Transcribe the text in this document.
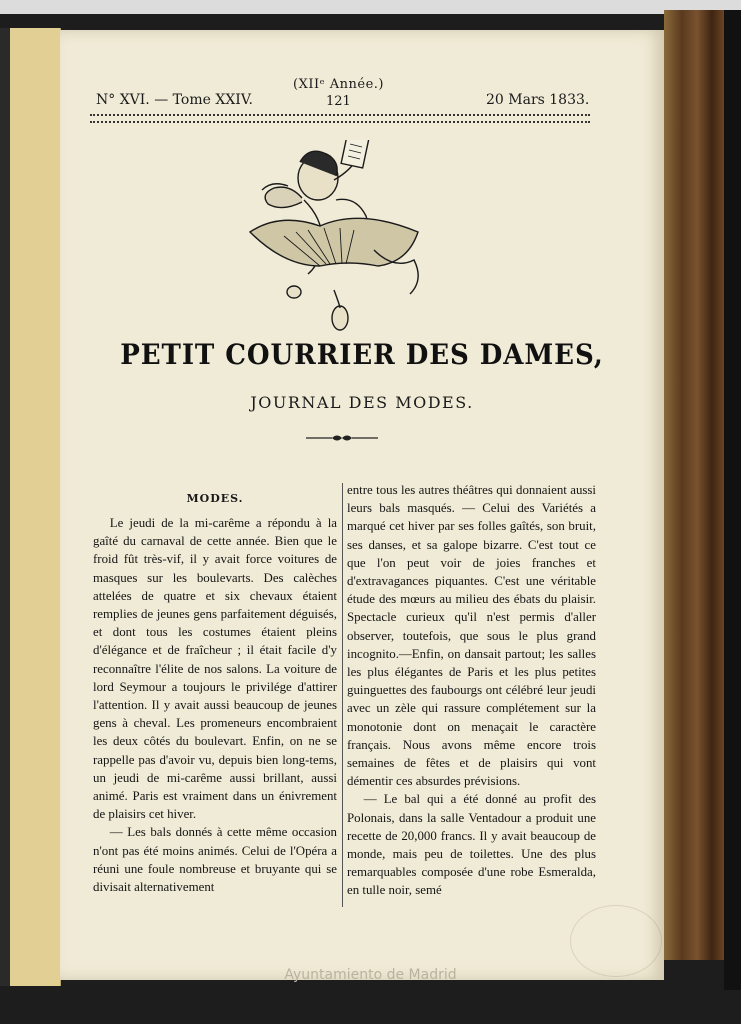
(XIIᵉ Année.)
N° XVI. — Tome XXIV.	121	20 Mars 1833.
PETIT COURRIER DES DAMES,
JOURNAL DES MODES.
MODES.

Le jeudi de la mi-carême a répondu à la gaîté du carnaval de cette année. Bien que le froid fût très-vif, il y avait force voitures de masques sur les boulevarts. Des calèches attelées de quatre et six chevaux étaient remplies de jeunes gens parfaitement déguisés, et dont tous les costumes étaient pleins d'élégance et de fraîcheur ; il était facile d'y reconnaître l'élite de nos salons. La voiture de lord Seymour a toujours le privilége d'attirer l'attention. Il y avait aussi beaucoup de jeunes gens à cheval. Les promeneurs encombraient les deux côtés du boulevart. Enfin, on ne se rappelle pas d'avoir vu, depuis bien long-tems, un jeudi de mi-carême aussi brillant, aussi animé. Paris est vraiment dans un énivrement de plaisirs cet hiver.

— Les bals donnés à cette même occasion n'ont pas été moins animés. Celui de l'Opéra a réuni une foule nombreuse et bruyante qui se divisait alternativement

entre tous les autres théâtres qui donnaient aussi leurs bals masqués. — Celui des Variétés a marqué cet hiver par ses folles gaîtés, son bruit, ses danses, et sa galope bizarre. C'est tout ce que l'on peut voir de joies franches et d'extravagances piquantes. C'est une véritable étude des mœurs au milieu des ébats du plaisir. Spectacle curieux qu'il n'est permis d'aller observer, toutefois, que sous le plus grand incognito.—Enfin, on dansait partout; les salles les plus élégantes de Paris et les plus petites guinguettes des faubourgs ont célébré leur jeudi avec un zèle qui rassure complétement sur la monotonie dont on menaçait le caractère français. Nous avons même encore trois semaines de fêtes et de plaisirs qui vont démentir ces absurdes prévisions.

— Le bal qui a été donné au profit des Polonais, dans la salle Ventadour a produit une recette de 20,000 francs. Il y avait beaucoup de monde, mais peu de toilettes. Une des plus remarquables composée d'une robe Esmeralda, en tulle noir, semé

Ayuntamiento de Madrid
